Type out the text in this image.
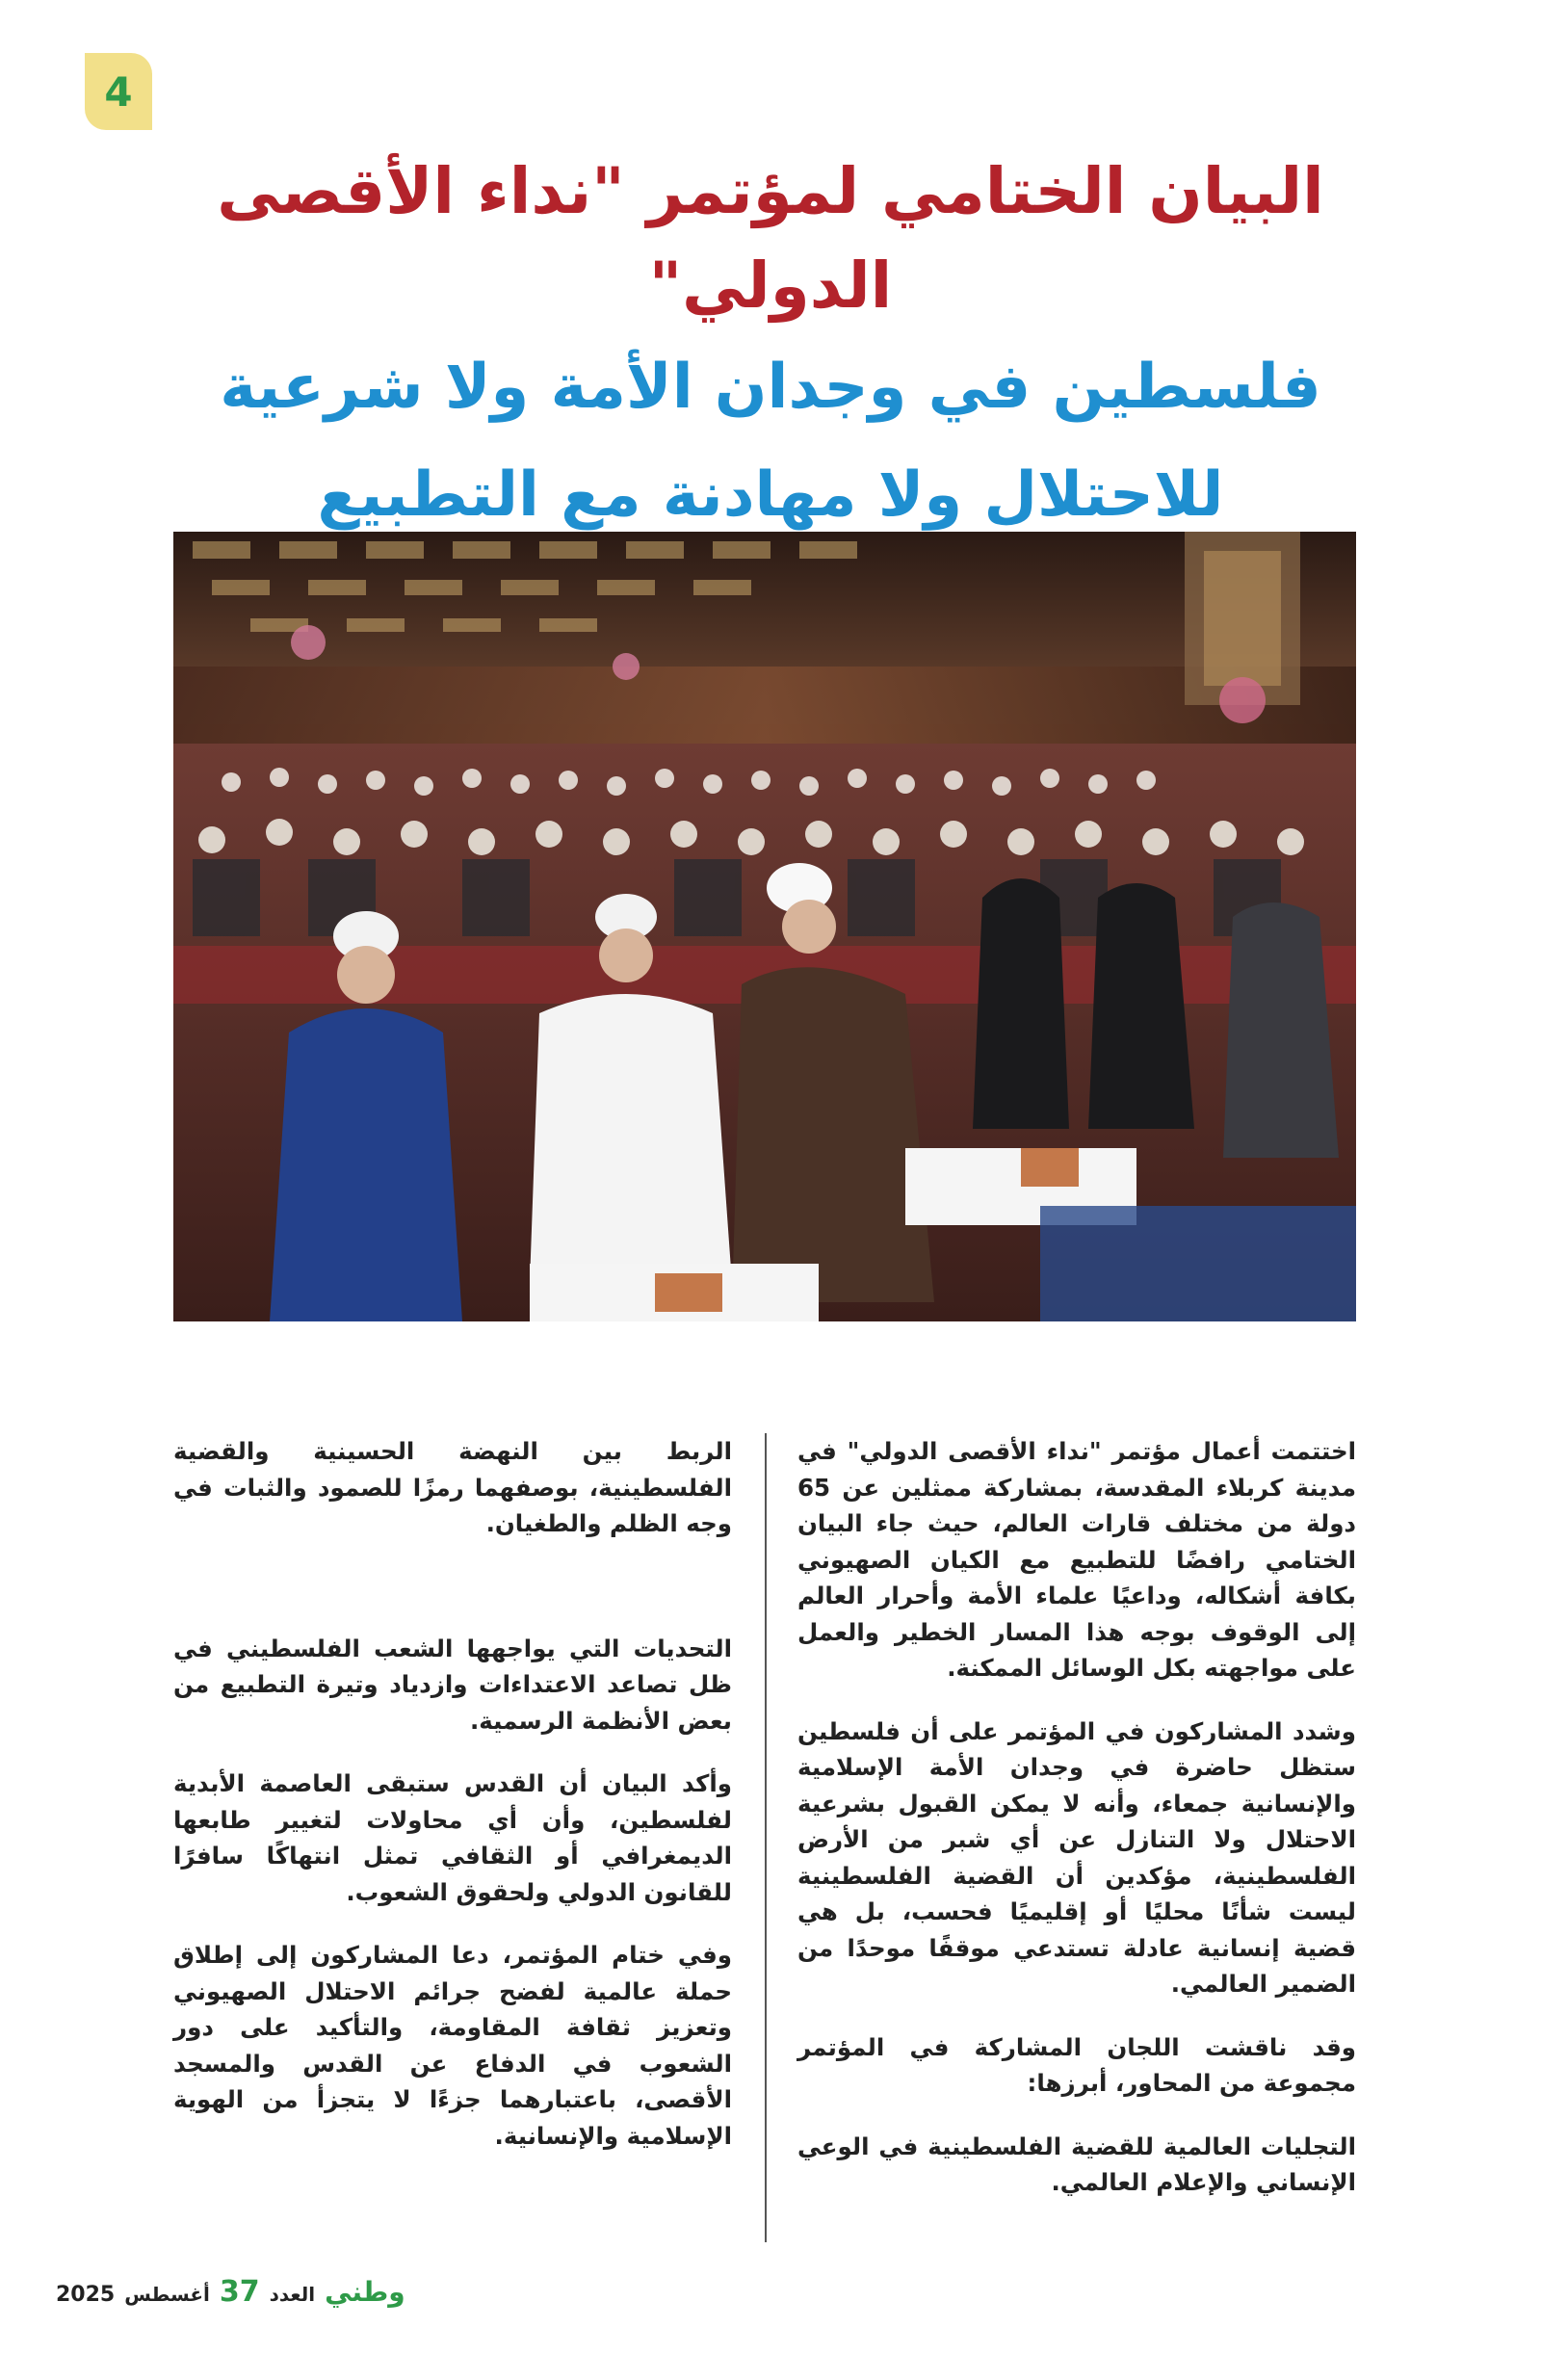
4

البيان الختامي لمؤتمر "نداء الأقصى الدولي"

فلسطين في وجدان الأمة ولا شرعية

للاحتلال ولا مهادنة مع التطبيع

اختتمت أعمال مؤتمر "نداء الأقصى الدولي" في مدينة كربلاء المقدسة، بمشاركة ممثلين عن 65 دولة من مختلف قارات العالم، حيث جاء البيان الختامي رافضًا للتطبيع مع الكيان الصهيوني بكافة أشكاله، وداعيًا علماء الأمة وأحرار العالم إلى الوقوف بوجه هذا المسار الخطير والعمل على مواجهته بكل الوسائل الممكنة.

وشدد المشاركون في المؤتمر على أن فلسطين ستظل حاضرة في وجدان الأمة الإسلامية والإنسانية جمعاء، وأنه لا يمكن القبول بشرعية الاحتلال ولا التنازل عن أي شبر من الأرض الفلسطينية، مؤكدين أن القضية الفلسطينية ليست شأنًا محليًا أو إقليميًا فحسب، بل هي قضية إنسانية عادلة تستدعي موقفًا موحدًا من الضمير العالمي.

وقد ناقشت اللجان المشاركة في المؤتمر مجموعة من المحاور، أبرزها:

التجليات العالمية للقضية الفلسطينية في الوعي الإنساني والإعلام العالمي.

الربط بين النهضة الحسينية والقضية الفلسطينية، بوصفهما رمزًا للصمود والثبات في وجه الظلم والطغيان.

التحديات التي يواجهها الشعب الفلسطيني في ظل تصاعد الاعتداءات وازدياد وتيرة التطبيع من بعض الأنظمة الرسمية.

وأكد البيان أن القدس ستبقى العاصمة الأبدية لفلسطين، وأن أي محاولات لتغيير طابعها الديمغرافي أو الثقافي تمثل انتهاكًا سافرًا للقانون الدولي ولحقوق الشعوب.

وفي ختام المؤتمر، دعا المشاركون إلى إطلاق حملة عالمية لفضح جرائم الاحتلال الصهيوني وتعزيز ثقافة المقاومة، والتأكيد على دور الشعوب في الدفاع عن القدس والمسجد الأقصى، باعتبارهما جزءًا لا يتجزأ من الهوية الإسلامية والإنسانية.

وطني
العدد
37
أغسطس
2025
